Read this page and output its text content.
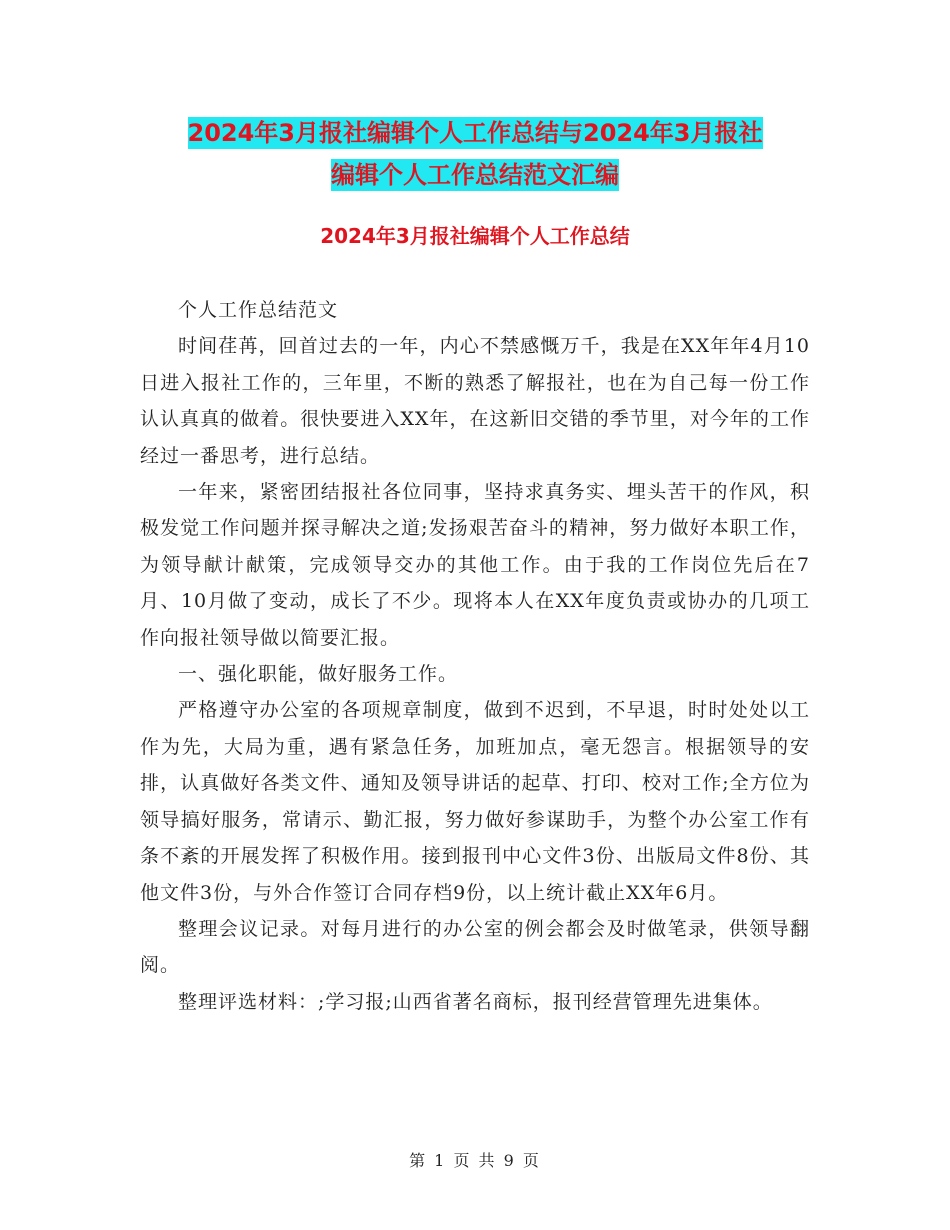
2024年3月报社编辑个人工作总结与2024年3月报社
编辑个人工作总结范文汇编
2024年3月报社编辑个人工作总结

个人工作总结范文

时间荏苒，回首过去的一年，内心不禁感慨万千，我是在XX年年4月10日进入报社工作的，三年里，不断的熟悉了解报社，也在为自己每一份工作认认真真的做着。很快要进入XX年，在这新旧交错的季节里，对今年的工作经过一番思考，进行总结。

一年来，紧密团结报社各位同事，坚持求真务实、埋头苦干的作风，积极发觉工作问题并探寻解决之道;发扬艰苦奋斗的精神，努力做好本职工作，为领导献计献策，完成领导交办的其他工作。由于我的工作岗位先后在7月、10月做了变动，成长了不少。现将本人在XX年度负责或协办的几项工作向报社领导做以简要汇报。

一、强化职能，做好服务工作。

严格遵守办公室的各项规章制度，做到不迟到，不早退，时时处处以工作为先，大局为重，遇有紧急任务，加班加点，毫无怨言。根据领导的安排，认真做好各类文件、通知及领导讲话的起草、打印、校对工作;全方位为领导搞好服务，常请示、勤汇报，努力做好参谋助手，为整个办公室工作有条不紊的开展发挥了积极作用。接到报刊中心文件3份、出版局文件8份、其他文件3份，与外合作签订合同存档9份，以上统计截止XX年6月。

整理会议记录。对每月进行的办公室的例会都会及时做笔录，供领导翻阅。

整理评选材料：;学习报;山西省著名商标，报刊经营管理先进集体。

第 1 页 共 9 页
